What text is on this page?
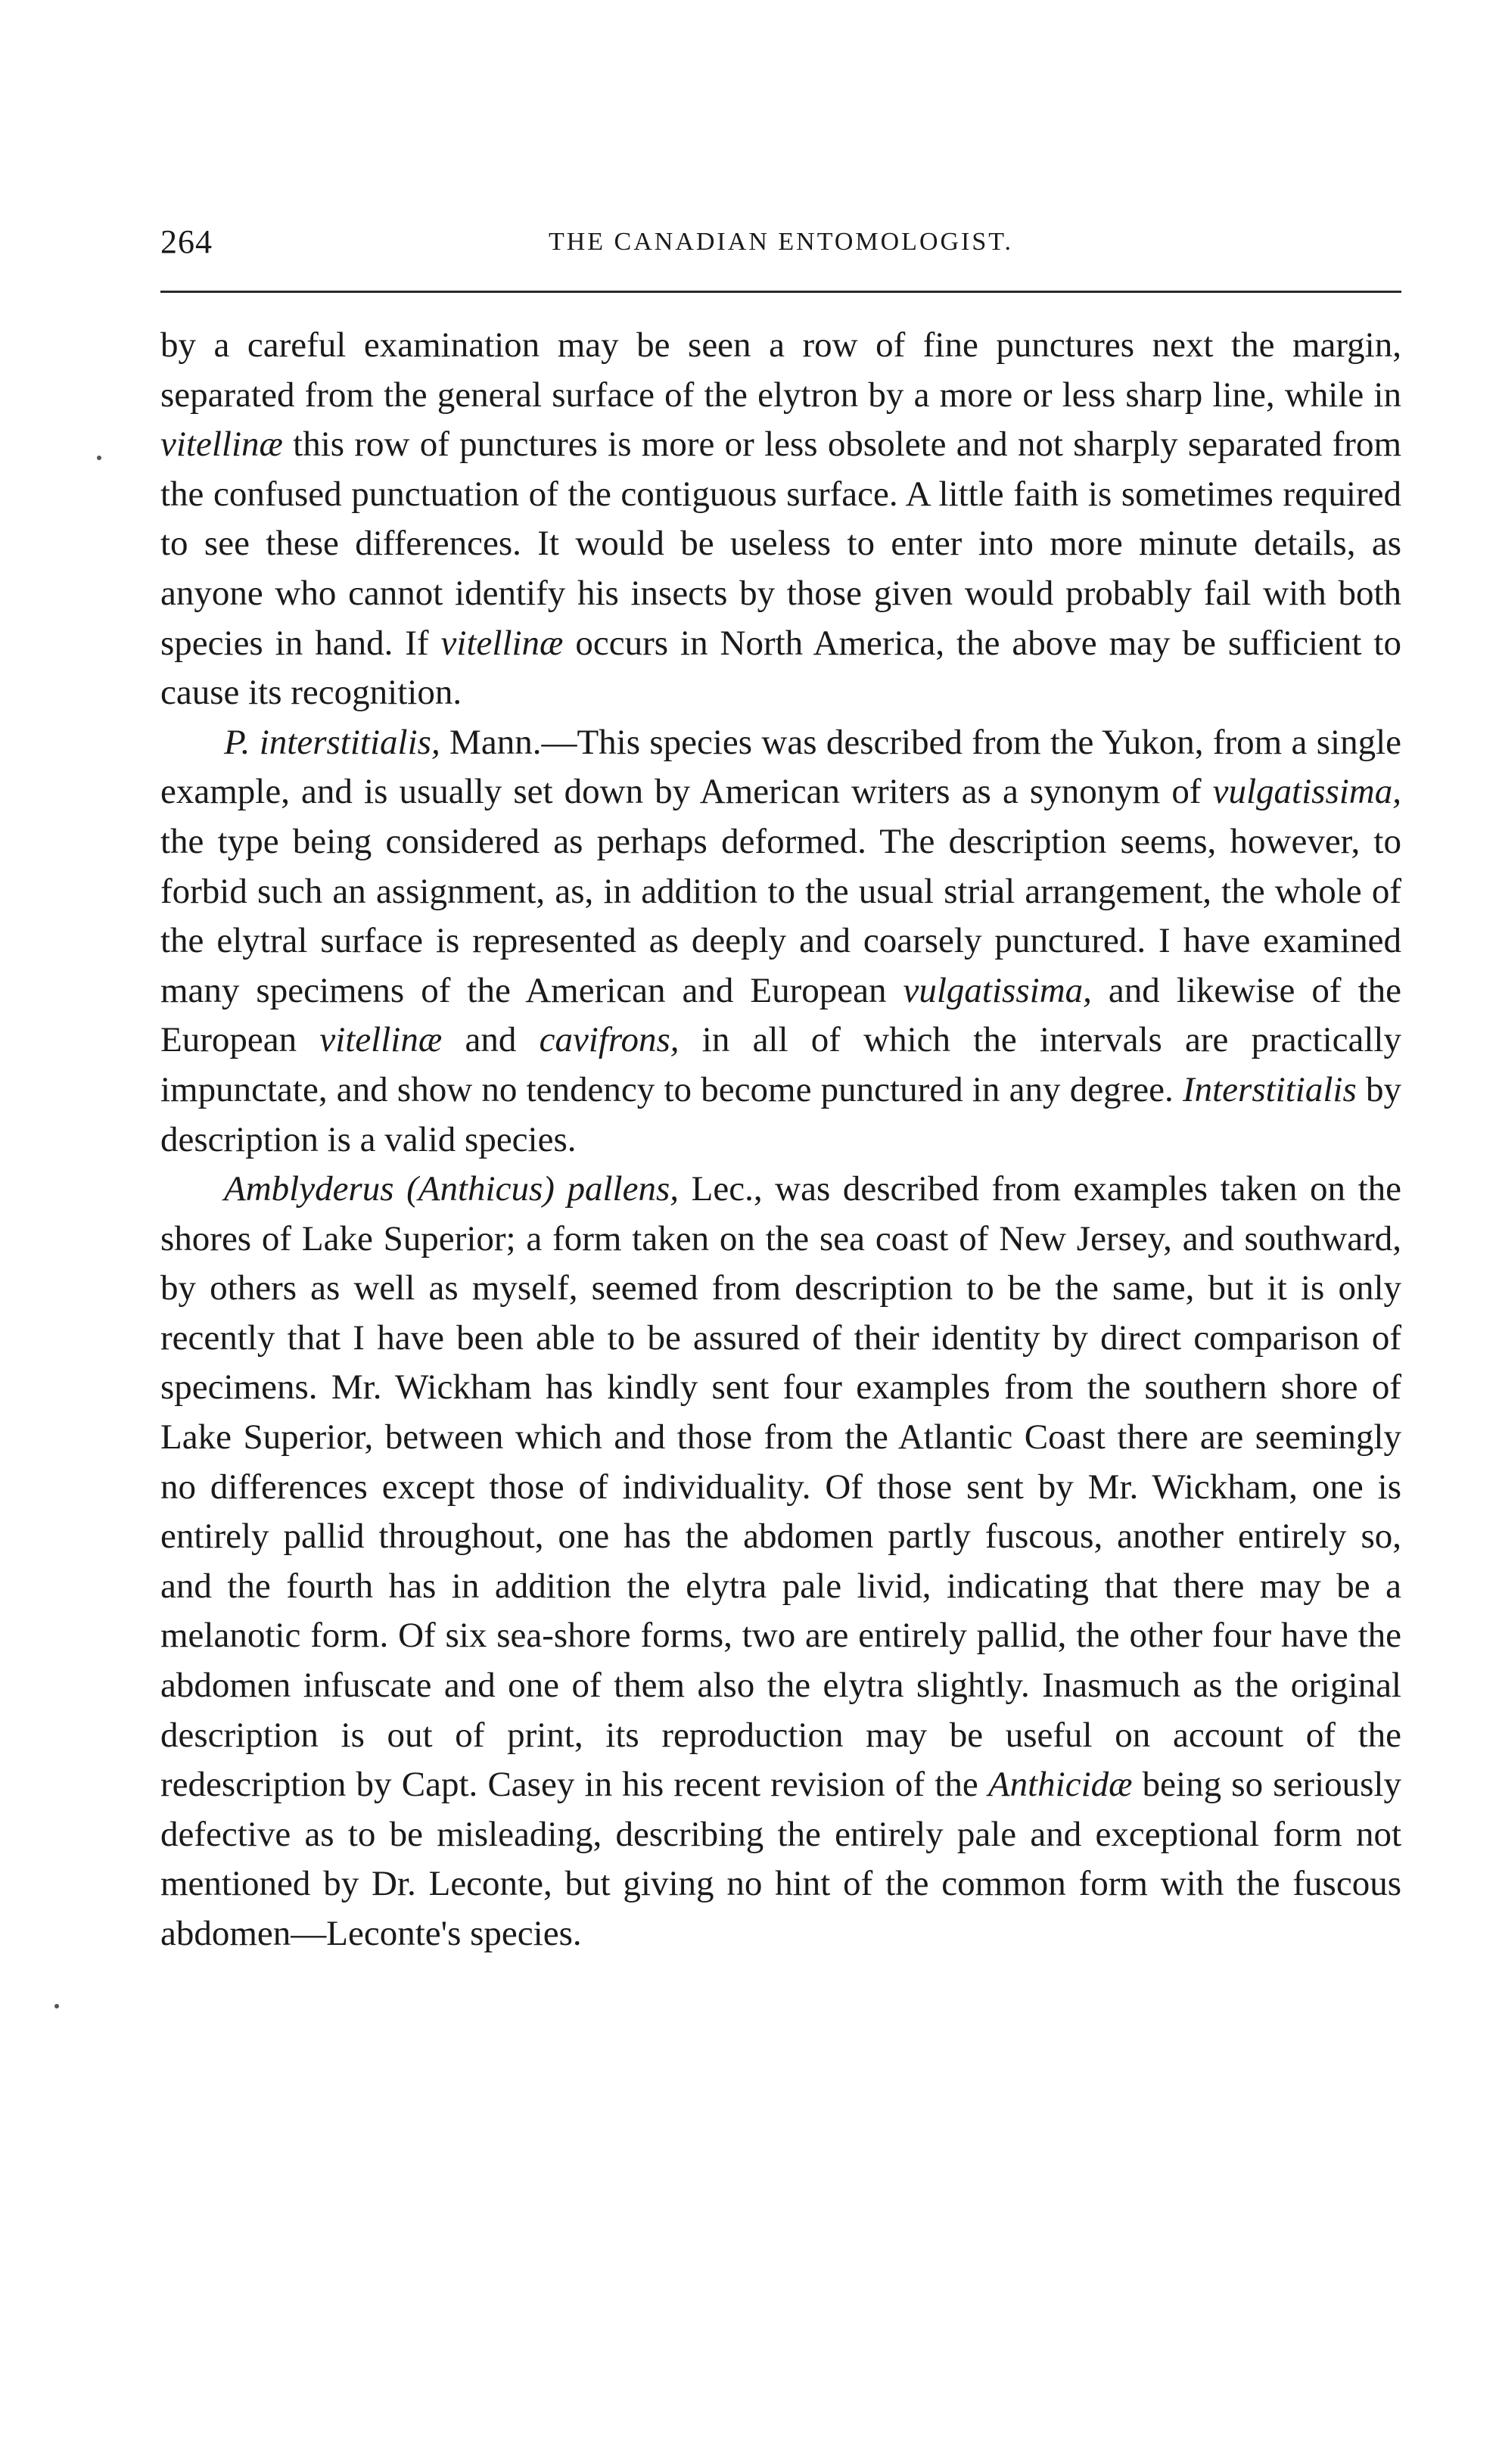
264	THE CANADIAN ENTOMOLOGIST.

by a careful examination may be seen a row of fine punctures next the margin, separated from the general surface of the elytron by a more or less sharp line, while in vitellinæ this row of punctures is more or less obsolete and not sharply separated from the confused punctuation of the contiguous surface. A little faith is sometimes required to see these differences. It would be useless to enter into more minute details, as anyone who cannot identify his insects by those given would probably fail with both species in hand. If vitellinæ occurs in North America, the above may be sufficient to cause its recognition.

P. interstitialis, Mann.—This species was described from the Yukon, from a single example, and is usually set down by American writers as a synonym of vulgatissima, the type being considered as perhaps deformed. The description seems, however, to forbid such an assignment, as, in addition to the usual strial arrangement, the whole of the elytral surface is represented as deeply and coarsely punctured. I have examined many specimens of the American and European vulgatissima, and likewise of the European vitellinæ and cavifrons, in all of which the intervals are practically impunctate, and show no tendency to become punctured in any degree. Interstitialis by description is a valid species.

Amblyderus (Anthicus) pallens, Lec., was described from examples taken on the shores of Lake Superior; a form taken on the sea coast of New Jersey, and southward, by others as well as myself, seemed from description to be the same, but it is only recently that I have been able to be assured of their identity by direct comparison of specimens. Mr. Wickham has kindly sent four examples from the southern shore of Lake Superior, between which and those from the Atlantic Coast there are seemingly no differences except those of individuality. Of those sent by Mr. Wickham, one is entirely pallid throughout, one has the abdomen partly fuscous, another entirely so, and the fourth has in addition the elytra pale livid, indicating that there may be a melanotic form. Of six sea-shore forms, two are entirely pallid, the other four have the abdomen infuscate and one of them also the elytra slightly. Inasmuch as the original description is out of print, its reproduction may be useful on account of the redescription by Capt. Casey in his recent revision of the Anthicidæ being so seriously defective as to be misleading, describing the entirely pale and exceptional form not mentioned by Dr. Leconte, but giving no hint of the common form with the fuscous abdomen—Leconte's species.
